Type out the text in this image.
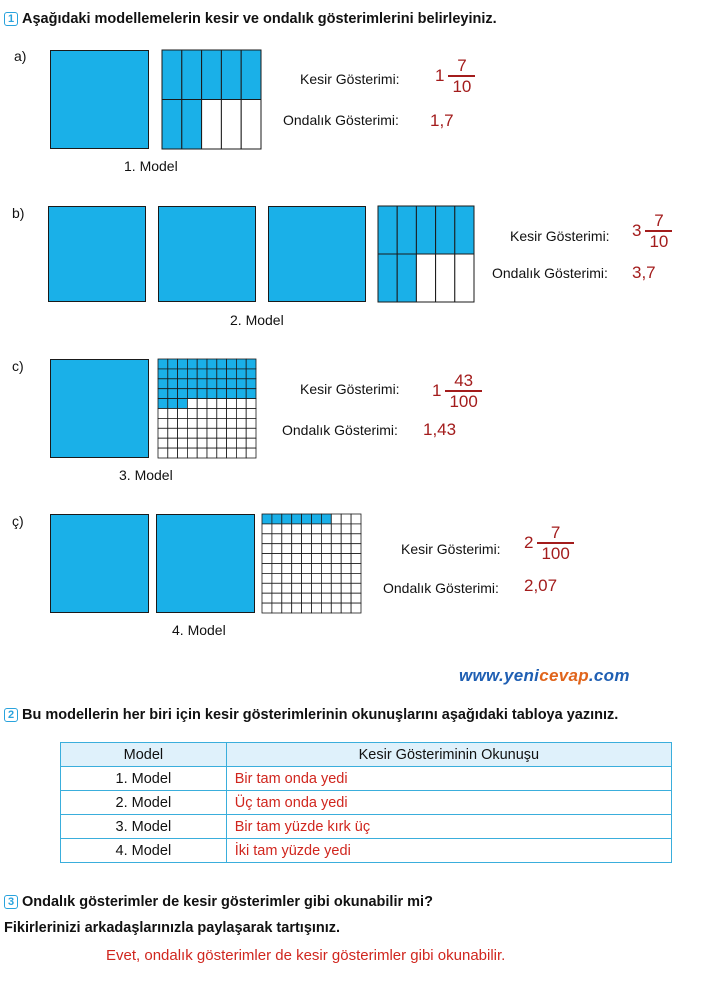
1 Aşağıdaki modellemelerin kesir ve ondalık gösterimlerini belirleyiniz.
a)
1. Model
Kesir Gösterimi: $1 \frac{7}{10}$
Ondalık Gösterimi: 1,7
b)
2. Model
Kesir Gösterimi: $3 \frac{7}{10}$
Ondalık Gösterimi: 3,7
c)
3. Model
Kesir Gösterimi: $1 \frac{43}{100}$
Ondalık Gösterimi: 1,43
ç)
4. Model
Kesir Gösterimi: $2 \frac{7}{100}$
Ondalık Gösterimi: 2,07
www.yenicevap.com
2 Bu modellerin her biri için kesir gösterimlerinin okunuşlarını aşağıdaki tabloya yazınız.
Model	Kesir Gösteriminin Okunuşu
1. Model	Bir tam onda yedi
2. Model	Üç tam onda yedi
3. Model	Bir tam yüzde kırk üç
4. Model	İki tam yüzde yedi
3 Ondalık gösterimler de kesir gösterimler gibi okunabilir mi?
Fikirlerinizi arkadaşlarınızla paylaşarak tartışınız.
Evet, ondalık gösterimler de kesir gösterimler gibi okunabilir.
